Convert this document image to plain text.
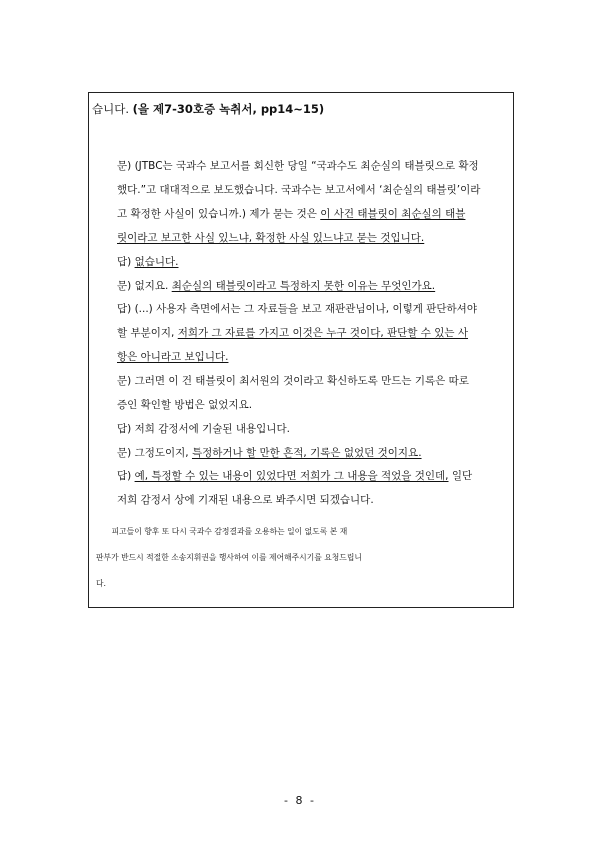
습니다. (을 제7-30호증 녹취서, pp14~15)
문) (JTBC는 국과수 보고서를 회신한 당일 “국과수도 최순실의 태블릿으로 확정
했다.”고 대대적으로 보도했습니다. 국과수는 보고서에서 ‘최순실의 태블릿’이라
고 확정한 사실이 있습니까.) 제가 묻는 것은 이 사건 태블릿이 최순실의 태블
릿이라고 보고한 사실 있느냐, 확정한 사실 있느냐고 묻는 것입니다.
답) 없습니다.
문) 없지요. 최순실의 태블릿이라고 특정하지 못한 이유는 무엇인가요.
답) (...) 사용자 측면에서는 그 자료들을 보고 재판관님이나, 이렇게 판단하셔야
할 부분이지, 저희가 그 자료를 가지고 이것은 누구 것이다, 판단할 수 있는 사
항은 아니라고 보입니다.
문) 그러면 이 건 태블릿이 최서원의 것이라고 확신하도록 만드는 기록은 따로
증인 확인할 방법은 없었지요.
답) 저희 감정서에 기술된 내용입니다.
문) 그정도이지, 특정하거나 할 만한 흔적, 기록은 없었던 것이지요.
답) 예, 특정할 수 있는 내용이 있었다면 저희가 그 내용을 적었을 것인데, 일단
저희 감정서 상에 기재된 내용으로 봐주시면 되겠습니다.
　　피고들이 향후 또 다시 국과수 감정결과를 오용하는 일이 없도록 본 재
판부가 반드시 적절한 소송지휘권을 행사하여 이를 제어해주시기를 요청드립니
다.
- 8 -
